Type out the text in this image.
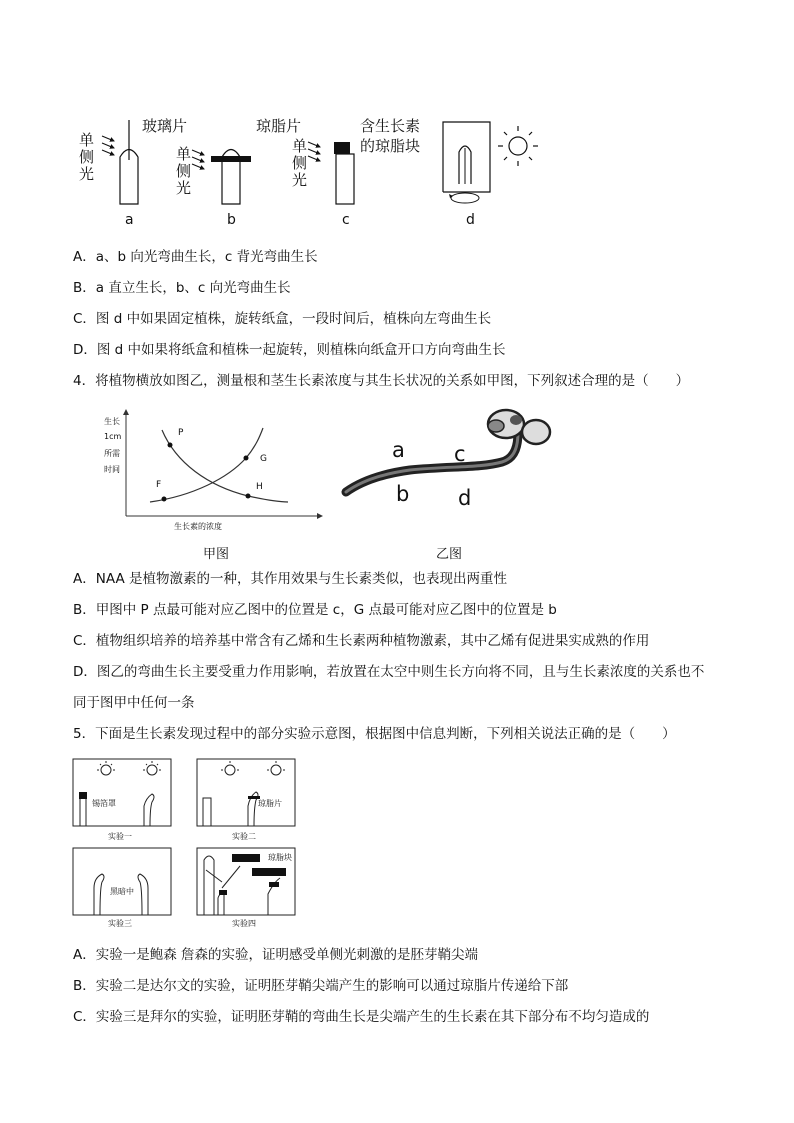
单侧光
玻璃片
单侧光
琼脂片
单侧光
含生长素
的琼脂块
a	b	c	d
A．a、b 向光弯曲生长，c 背光弯曲生长
B．a 直立生长，b、c 向光弯曲生长
C．图 d 中如果固定植株，旋转纸盒，一段时间后，植株向左弯曲生长
D．图 d 中如果将纸盒和植株一起旋转，则植株向纸盒开口方向弯曲生长
4．将植物横放如图乙，测量根和茎生长素浓度与其生长状况的关系如甲图，下列叙述合理的是（　　）
生长
1cm
所需
时间
P
G
F	H
生长素的浓度
甲图
a c
b d
乙图
A．NAA 是植物激素的一种，其作用效果与生长素类似，也表现出两重性
B．甲图中 P 点最可能对应乙图中的位置是 c，G 点最可能对应乙图中的位置是 b
C．植物组织培养的培养基中常含有乙烯和生长素两种植物激素，其中乙烯有促进果实成熟的作用
D．图乙的弯曲生长主要受重力作用影响，若放置在太空中则生长方向将不同，且与生长素浓度的关系也不
同于图甲中任何一条
5．下面是生长素发现过程中的部分实验示意图，根据图中信息判断，下列相关说法正确的是（　　）
锡箔罩	琼脂片
黑暗中
琼脂块
实验一	实验二
实验三	实验四
A．实验一是鲍森 詹森的实验，证明感受单侧光刺激的是胚芽鞘尖端
B．实验二是达尔文的实验，证明胚芽鞘尖端产生的影响可以通过琼脂片传递给下部
C．实验三是拜尔的实验，证明胚芽鞘的弯曲生长是尖端产生的生长素在其下部分布不均匀造成的
